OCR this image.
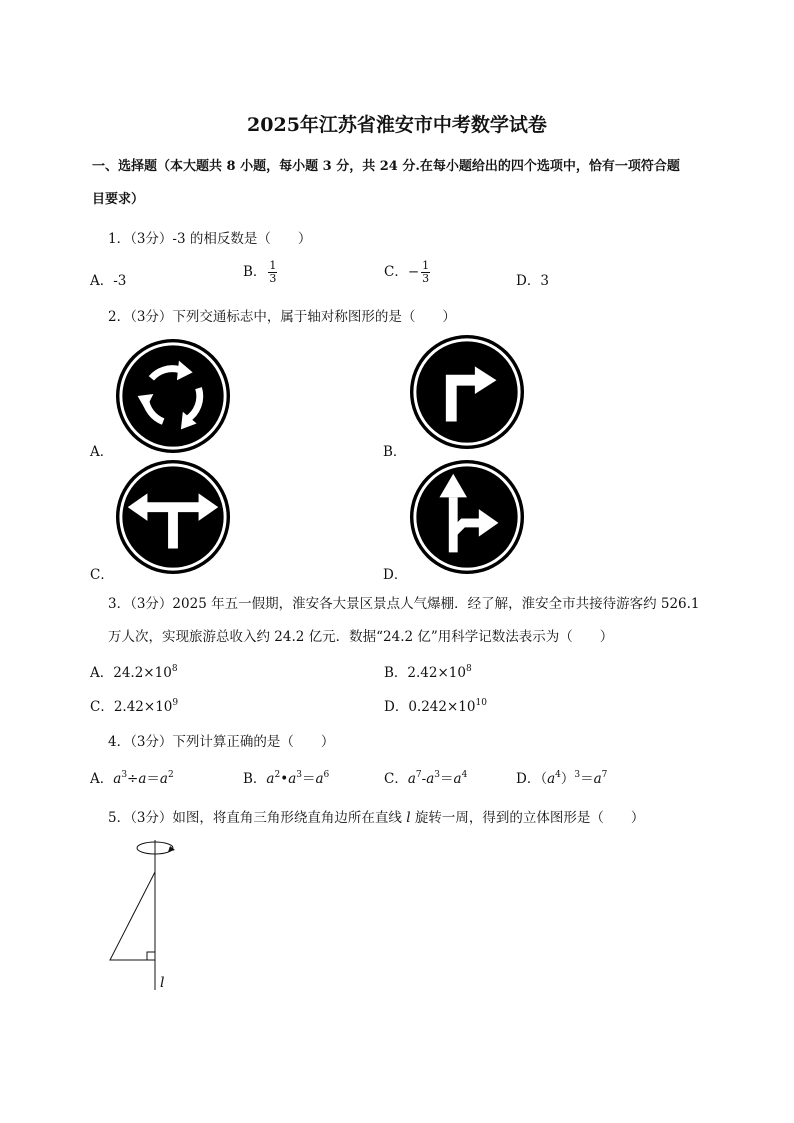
2025年江苏省淮安市中考数学试卷
一、选择题（本大题共 8 小题，每小题 3 分，共 24 分.在每小题给出的四个选项中，恰有一项符合题
目要求）
1．（3分）-3 的相反数是（　　）
A．-3
B． $\frac{1}{3}$	C．− $\frac{1}{3}$	D．3
2．（3分）下列交通标志中，属于轴对称图形的是（　　）
A．	B．
C．	D．
3．（3分）2025 年五一假期，淮安各大景区景点人气爆棚．经了解，淮安全市共接待游客约 526.1
万人次，实现旅游总收入约 24.2 亿元．数据“24.2 亿”用科学记数法表示为（　　）
A．$24.2\times 10^8$	B．$2.42\times 10^8$
C．$2.42\times 10^9$	D．$0.242\times 10^{10}$
4．（3分）下列计算正确的是（　　）
A．$a^3\div a=a^2$	B．$a^2•a^3=a^6$	C．$a^7-a^3=a^4$	D．$(a^4)^3=a^7$
5．（3分）如图，将直角三角形绕直角边所在直线 l 旋转一周，得到的立体图形是（　　）
l
